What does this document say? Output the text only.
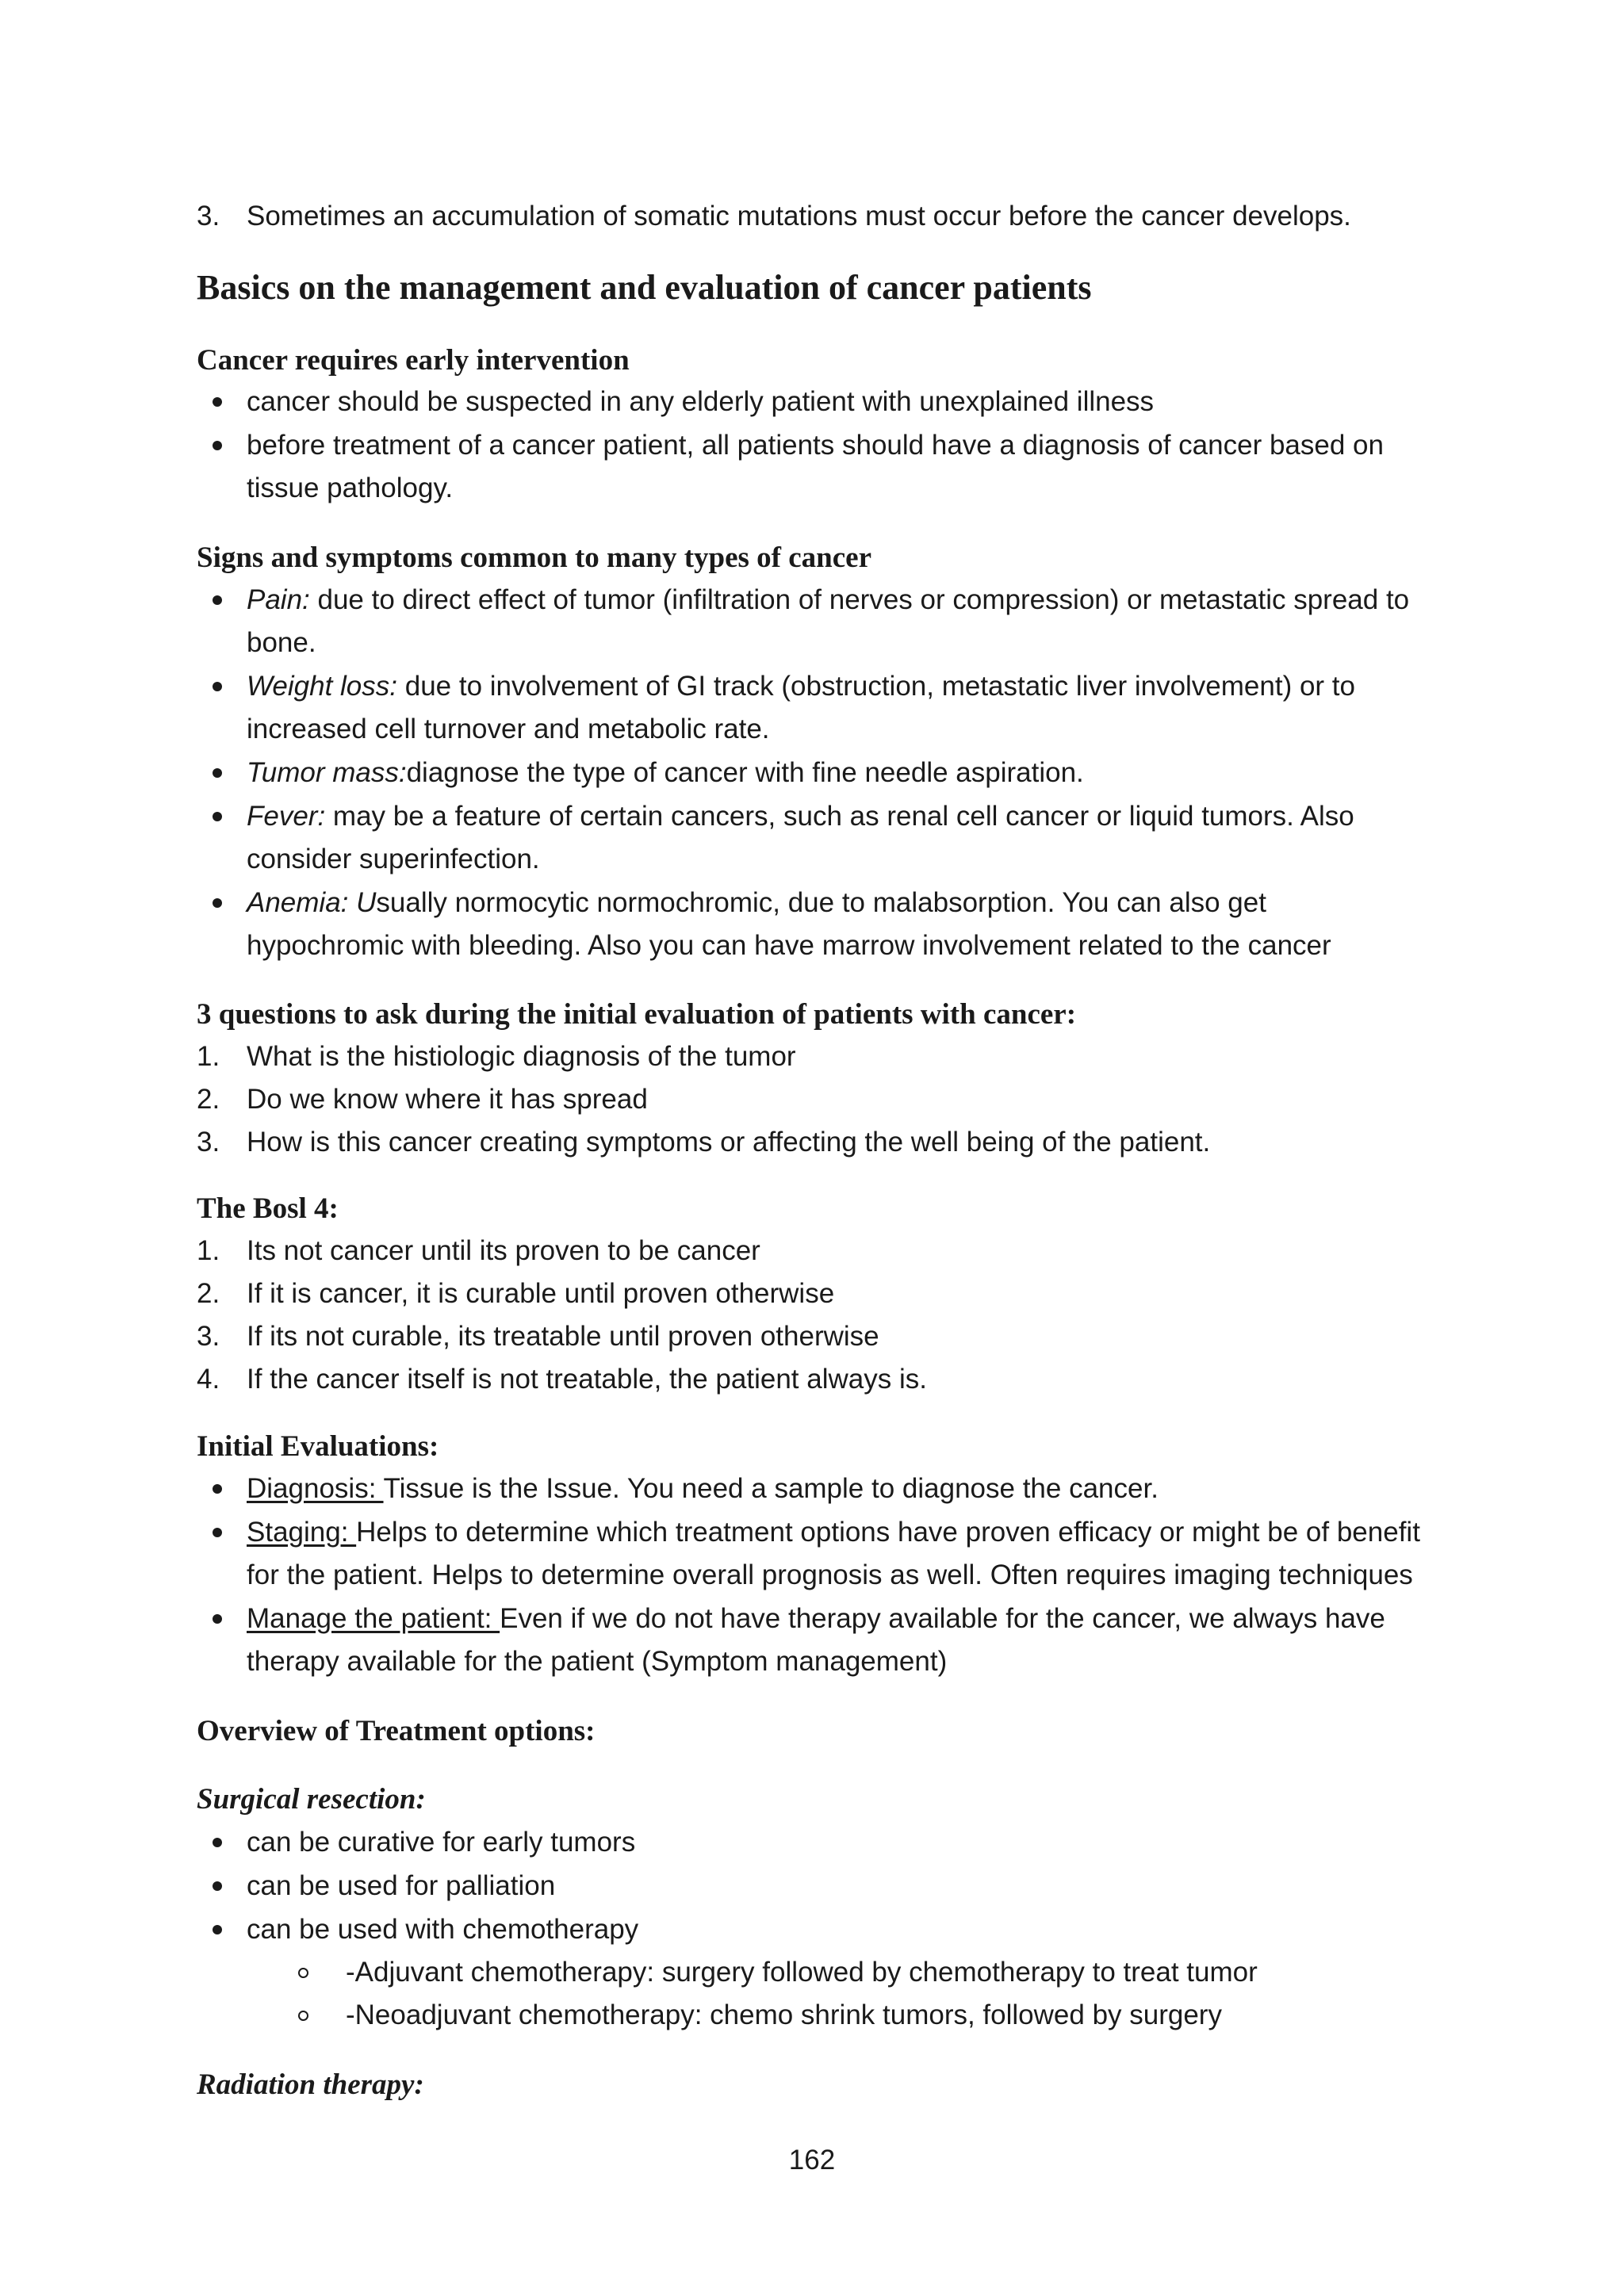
3. Sometimes an accumulation of somatic mutations must occur before the cancer develops.
Basics on the management and evaluation of cancer patients
Cancer requires early intervention
cancer should be suspected in any elderly patient with unexplained illness
before treatment of a cancer patient, all patients should have a diagnosis of cancer based on
tissue pathology.
Signs and symptoms common to many types of cancer
Pain: due to direct effect of tumor (infiltration of nerves or compression) or metastatic spread to
bone.
Weight loss: due to involvement of GI track (obstruction, metastatic liver involvement) or to
increased cell turnover and metabolic rate.
Tumor mass:diagnose the type of cancer with fine needle aspiration.
Fever: may be a feature of certain cancers, such as renal cell cancer or liquid tumors. Also
consider superinfection.
Anemia: Usually normocytic normochromic, due to malabsorption. You can also get
hypochromic with bleeding. Also you can have marrow involvement related to the cancer
3 questions to ask during the initial evaluation of patients with cancer:
1. What is the histiologic diagnosis of the tumor
2. Do we know where it has spread
3. How is this cancer creating symptoms or affecting the well being of the patient.
The Bosl 4:
1. Its not cancer until its proven to be cancer
2. If it is cancer, it is curable until proven otherwise
3. If its not curable, its treatable until proven otherwise
4. If the cancer itself is not treatable, the patient always is.
Initial Evaluations:
Diagnosis: Tissue is the Issue. You need a sample to diagnose the cancer.
Staging: Helps to determine which treatment options have proven efficacy or might be of benefit
for the patient. Helps to determine overall prognosis as well. Often requires imaging techniques
Manage the patient: Even if we do not have therapy available for the cancer, we always have
therapy available for the patient (Symptom management)
Overview of Treatment options:
Surgical resection:
can be curative for early tumors
can be used for palliation
can be used with chemotherapy
-Adjuvant chemotherapy: surgery followed by chemotherapy to treat tumor
-Neoadjuvant chemotherapy: chemo shrink tumors, followed by surgery
Radiation therapy:
162
